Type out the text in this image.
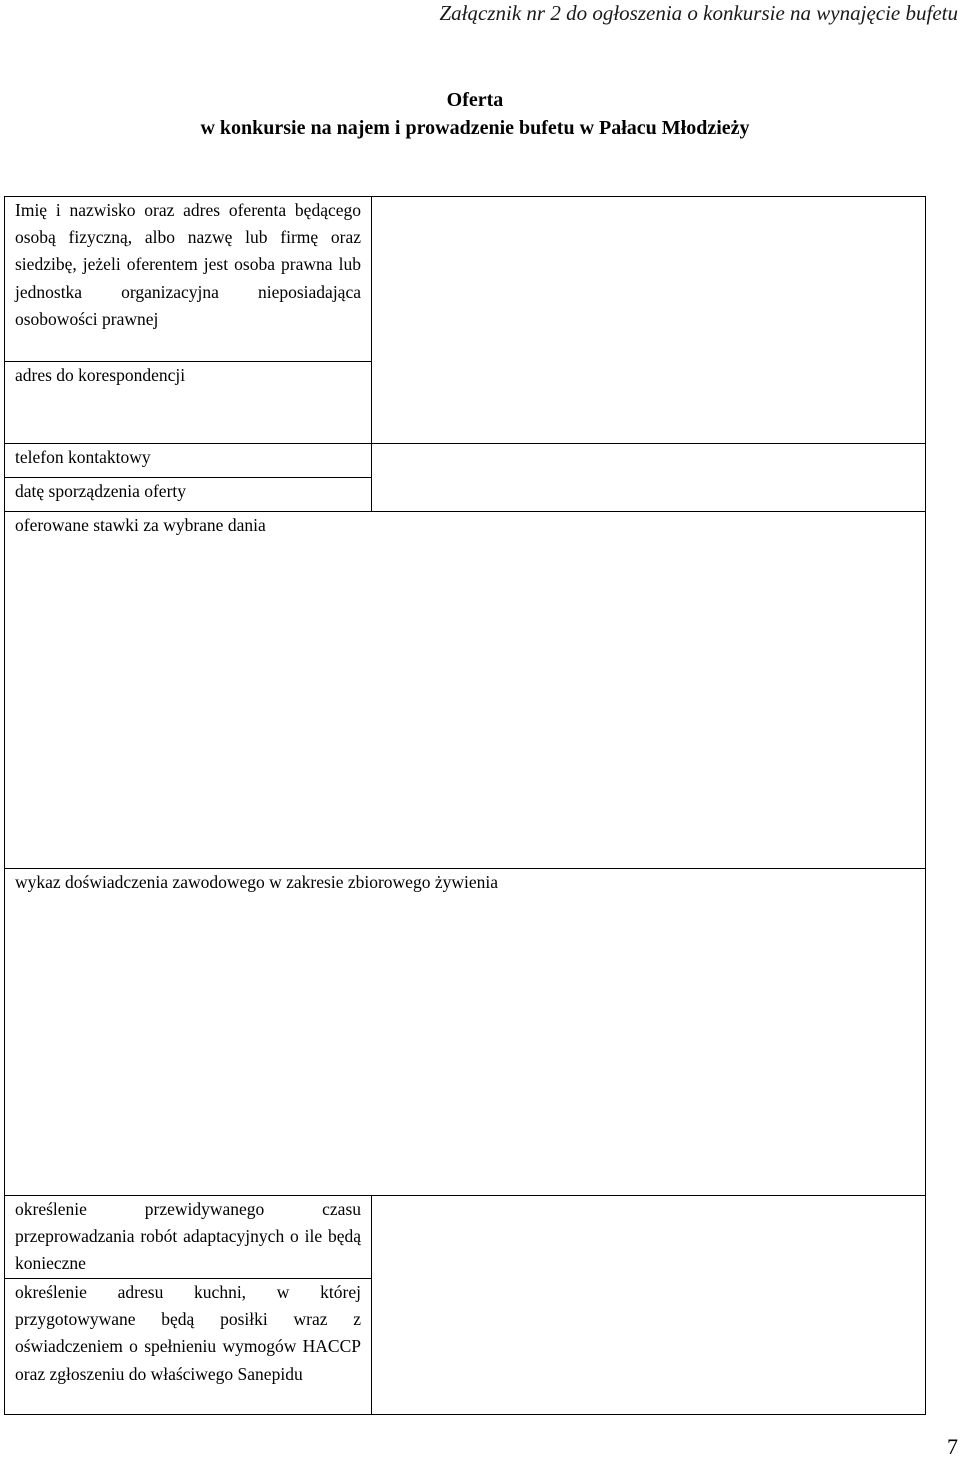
Załącznik nr 2 do ogłoszenia o konkursie na wynajęcie bufetu
Oferta
w konkursie na najem i prowadzenie bufetu w Pałacu Młodzieży
Imię i nazwisko oraz adres oferenta będącego osobą fizyczną, albo nazwę lub firmę oraz siedzibę, jeżeli oferentem jest osoba prawna lub jednostka organizacyjna nieposiadająca osobowości prawnej	
adres do korespondencji	
telefon kontaktowy	
datę sporządzenia oferty	
oferowane stawki za wybrane dania	
wykaz doświadczenia zawodowego w zakresie zbiorowego żywienia	
określenie przewidywanego czasu przeprowadzania robót adaptacyjnych o ile będą konieczne	
określenie adresu kuchni, w której przygotowywane będą posiłki wraz z oświadczeniem o spełnieniu wymogów HACCP oraz zgłoszeniu do właściwego Sanepidu	
7
